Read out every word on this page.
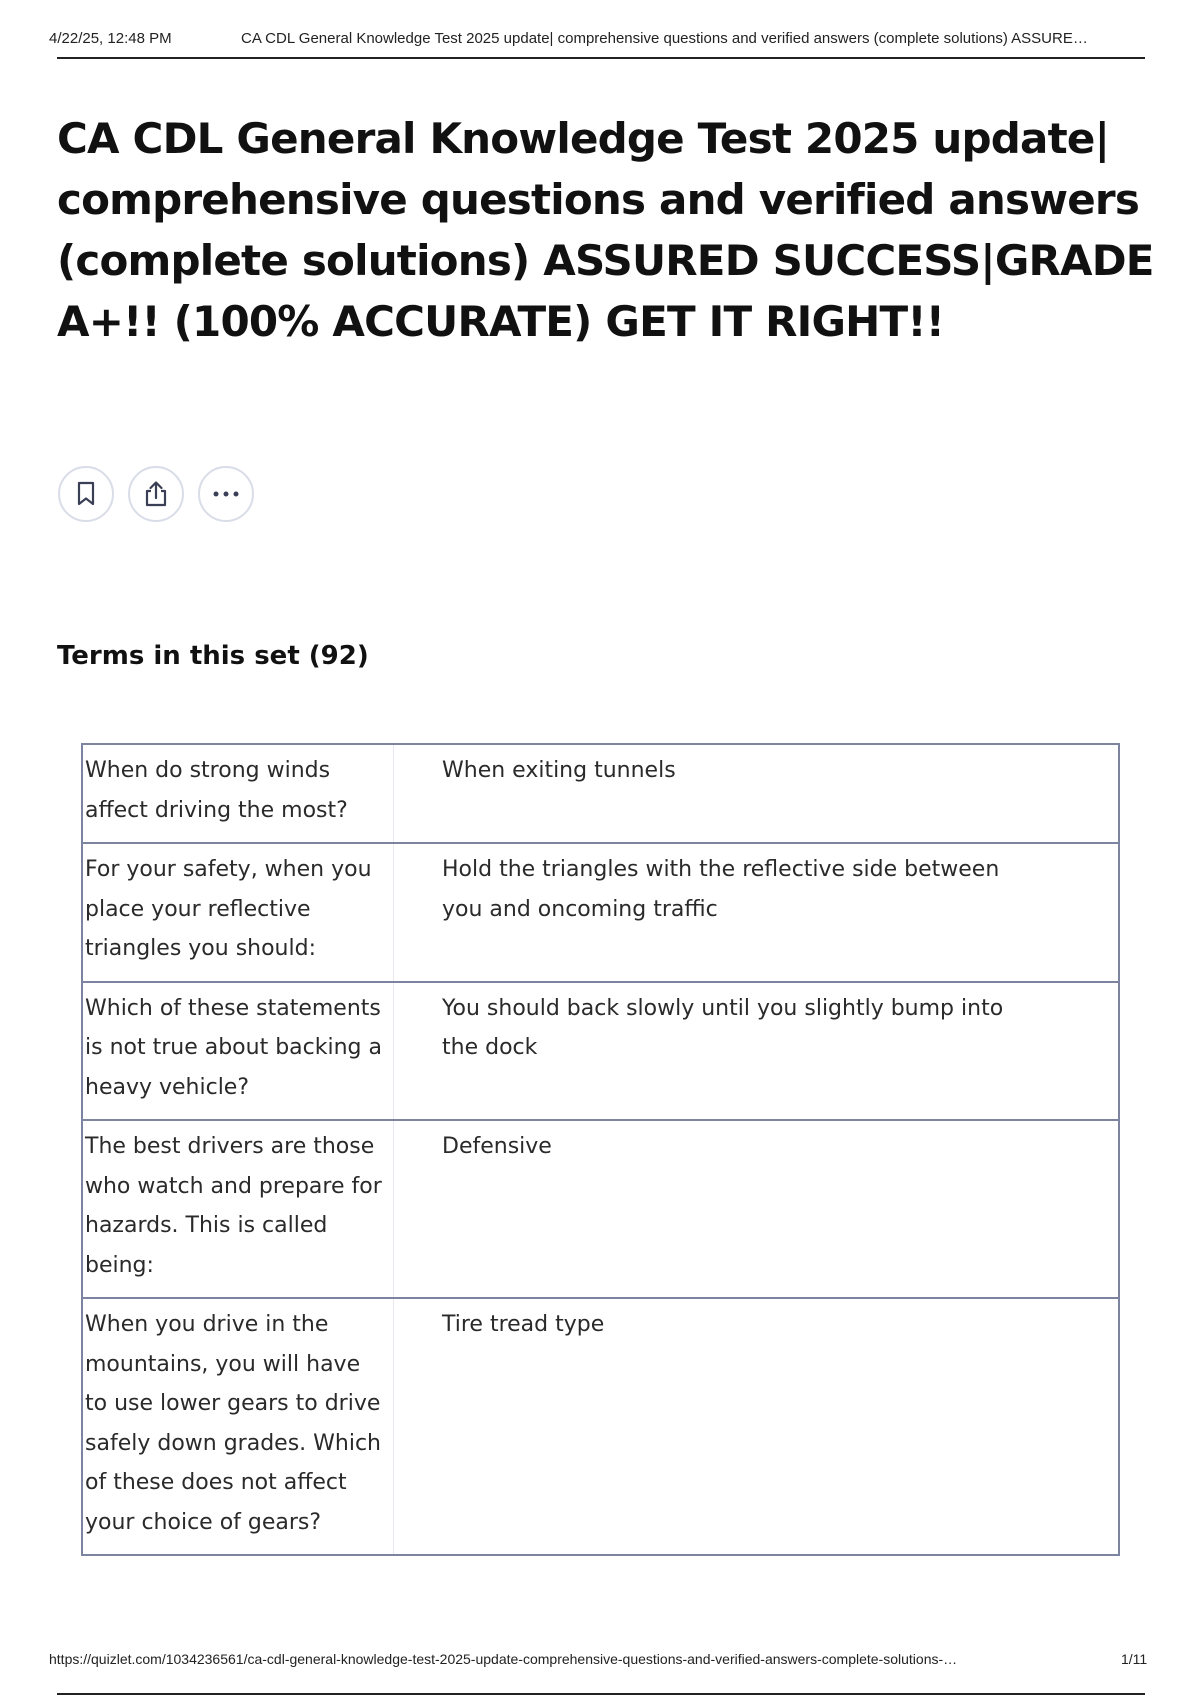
4/22/25, 12:48 PM	CA CDL General Knowledge Test 2025 update| comprehensive questions and verified answers (complete solutions) ASSURE…
CA CDL General Knowledge Test 2025 update| comprehensive questions and verified answers (complete solutions) ASSURED SUCCESS|GRADE A+!! (100% ACCURATE) GET IT RIGHT!!
Terms in this set (92)
When do strong winds affect driving the most?	When exiting tunnels

For your safety, when you place your reflective triangles you should:	Hold the triangles with the reflective side between you and oncoming traffic

Which of these statements is not true about backing a heavy vehicle?	You should back slowly until you slightly bump into the dock

The best drivers are those who watch and prepare for hazards. This is called being:	Defensive

When you drive in the mountains, you will have to use lower gears to drive safely down grades. Which of these does not affect your choice of gears?	Tire tread type
https://quizlet.com/1034236561/ca-cdl-general-knowledge-test-2025-update-comprehensive-questions-and-verified-answers-complete-solutions-…	1/11
